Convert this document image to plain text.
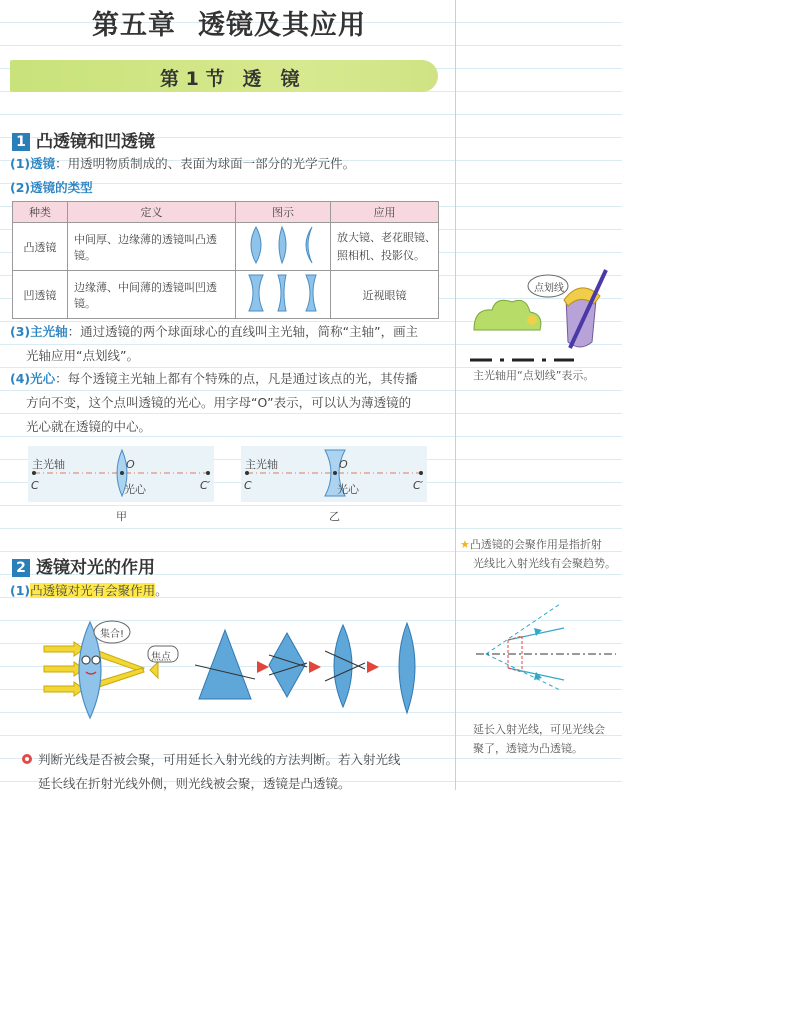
第五章 透镜及其应用
第 1 节 透　镜
1 凸透镜和凹透镜
(1)透镜：用透明物质制成的、表面为球面一部分的光学元件。
(2)透镜的类型
种类	定义	图示	应用
凸透镜	中间厚、边缘薄的透镜叫凸透镜。		放大镜、老花眼镜、照相机、投影仪。
凹透镜	边缘薄、中间薄的透镜叫凹透镜。		近视眼镜
(3)主光轴：通过透镜的两个球面球心的直线叫主光轴，简称“主轴”，画主
光轴应用“点划线”。
(4)光心：每个透镜主光轴上都有个特殊的点，凡是通过该点的光，其传播
方向不变，这个点叫透镜的光心。用字母“O”表示，可以认为薄透镜的
光心就在透镜的中心。
主光轴
C
O
光心	C′
甲
主光轴
C
O
光心	C′
乙
2 透镜对光的作用
(1)凸透镜对光有会聚作用。
集合!
焦点
判断光线是否被会聚，可用延长入射光线的方法判断。若入射光线
延长线在折射光线外侧，则光线被会聚，透镜是凸透镜。
点划线
主光轴用“点划线”表示。
★凸透镜的会聚作用是指折射
光线比入射光线有会聚趋势。
延长入射光线，可见光线会
聚了，透镜为凸透镜。
